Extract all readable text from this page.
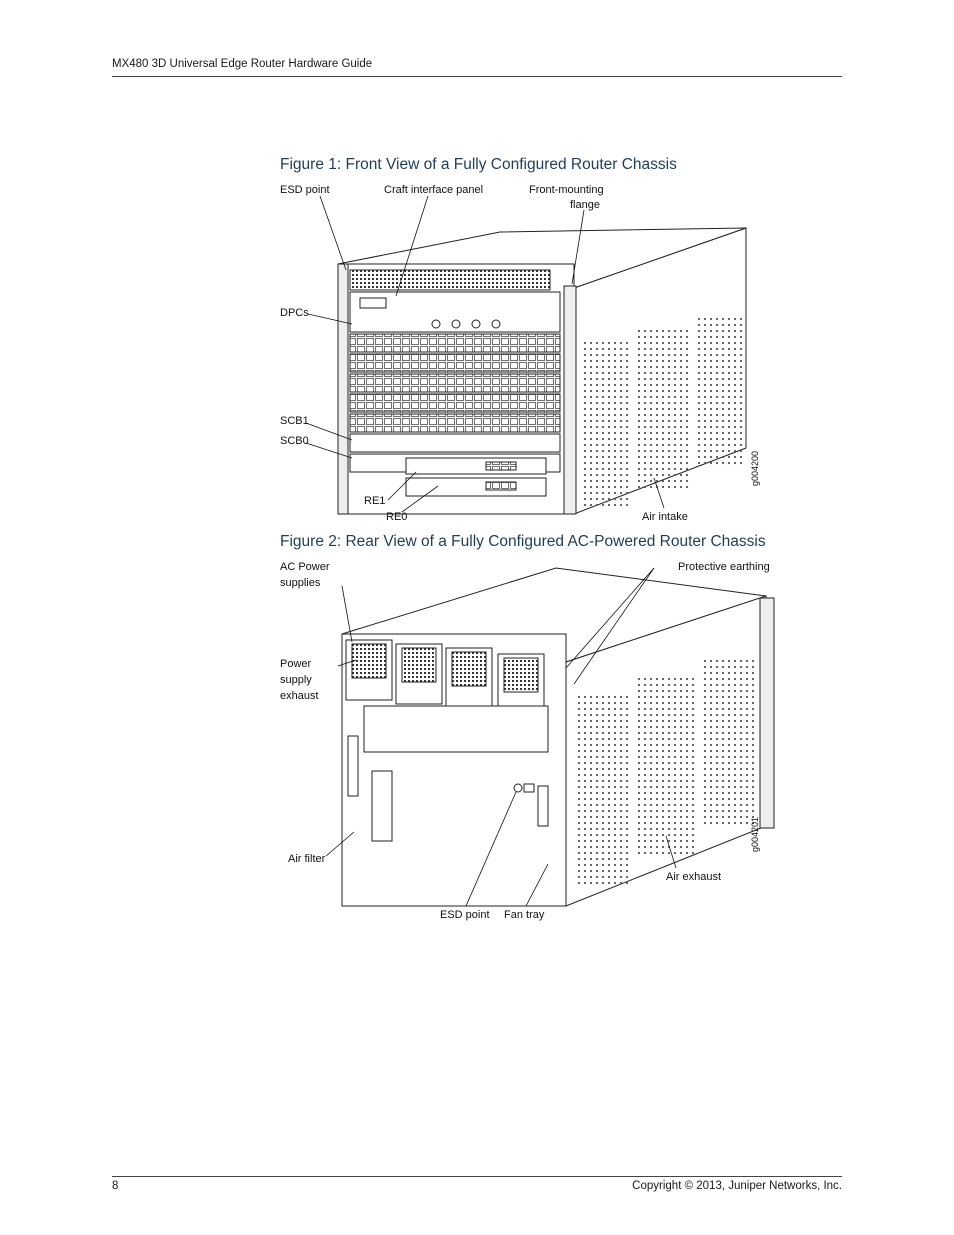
MX480 3D Universal Edge Router Hardware Guide
Figure 1: Front View of a Fully Configured Router Chassis
ESD point	Craft interface panel	Front-mounting
flange
DPCs
SCB1
SCB0
RE1
RE0	Air intake
g004200
Figure 2: Rear View of a Fully Configured AC-Powered Router Chassis
AC Power
supplies
Protective earthing
Power
supply
exhaust
Air filter
Air exhaust
ESD point Fan tray
g004201
8	Copyright © 2013, Juniper Networks, Inc.
